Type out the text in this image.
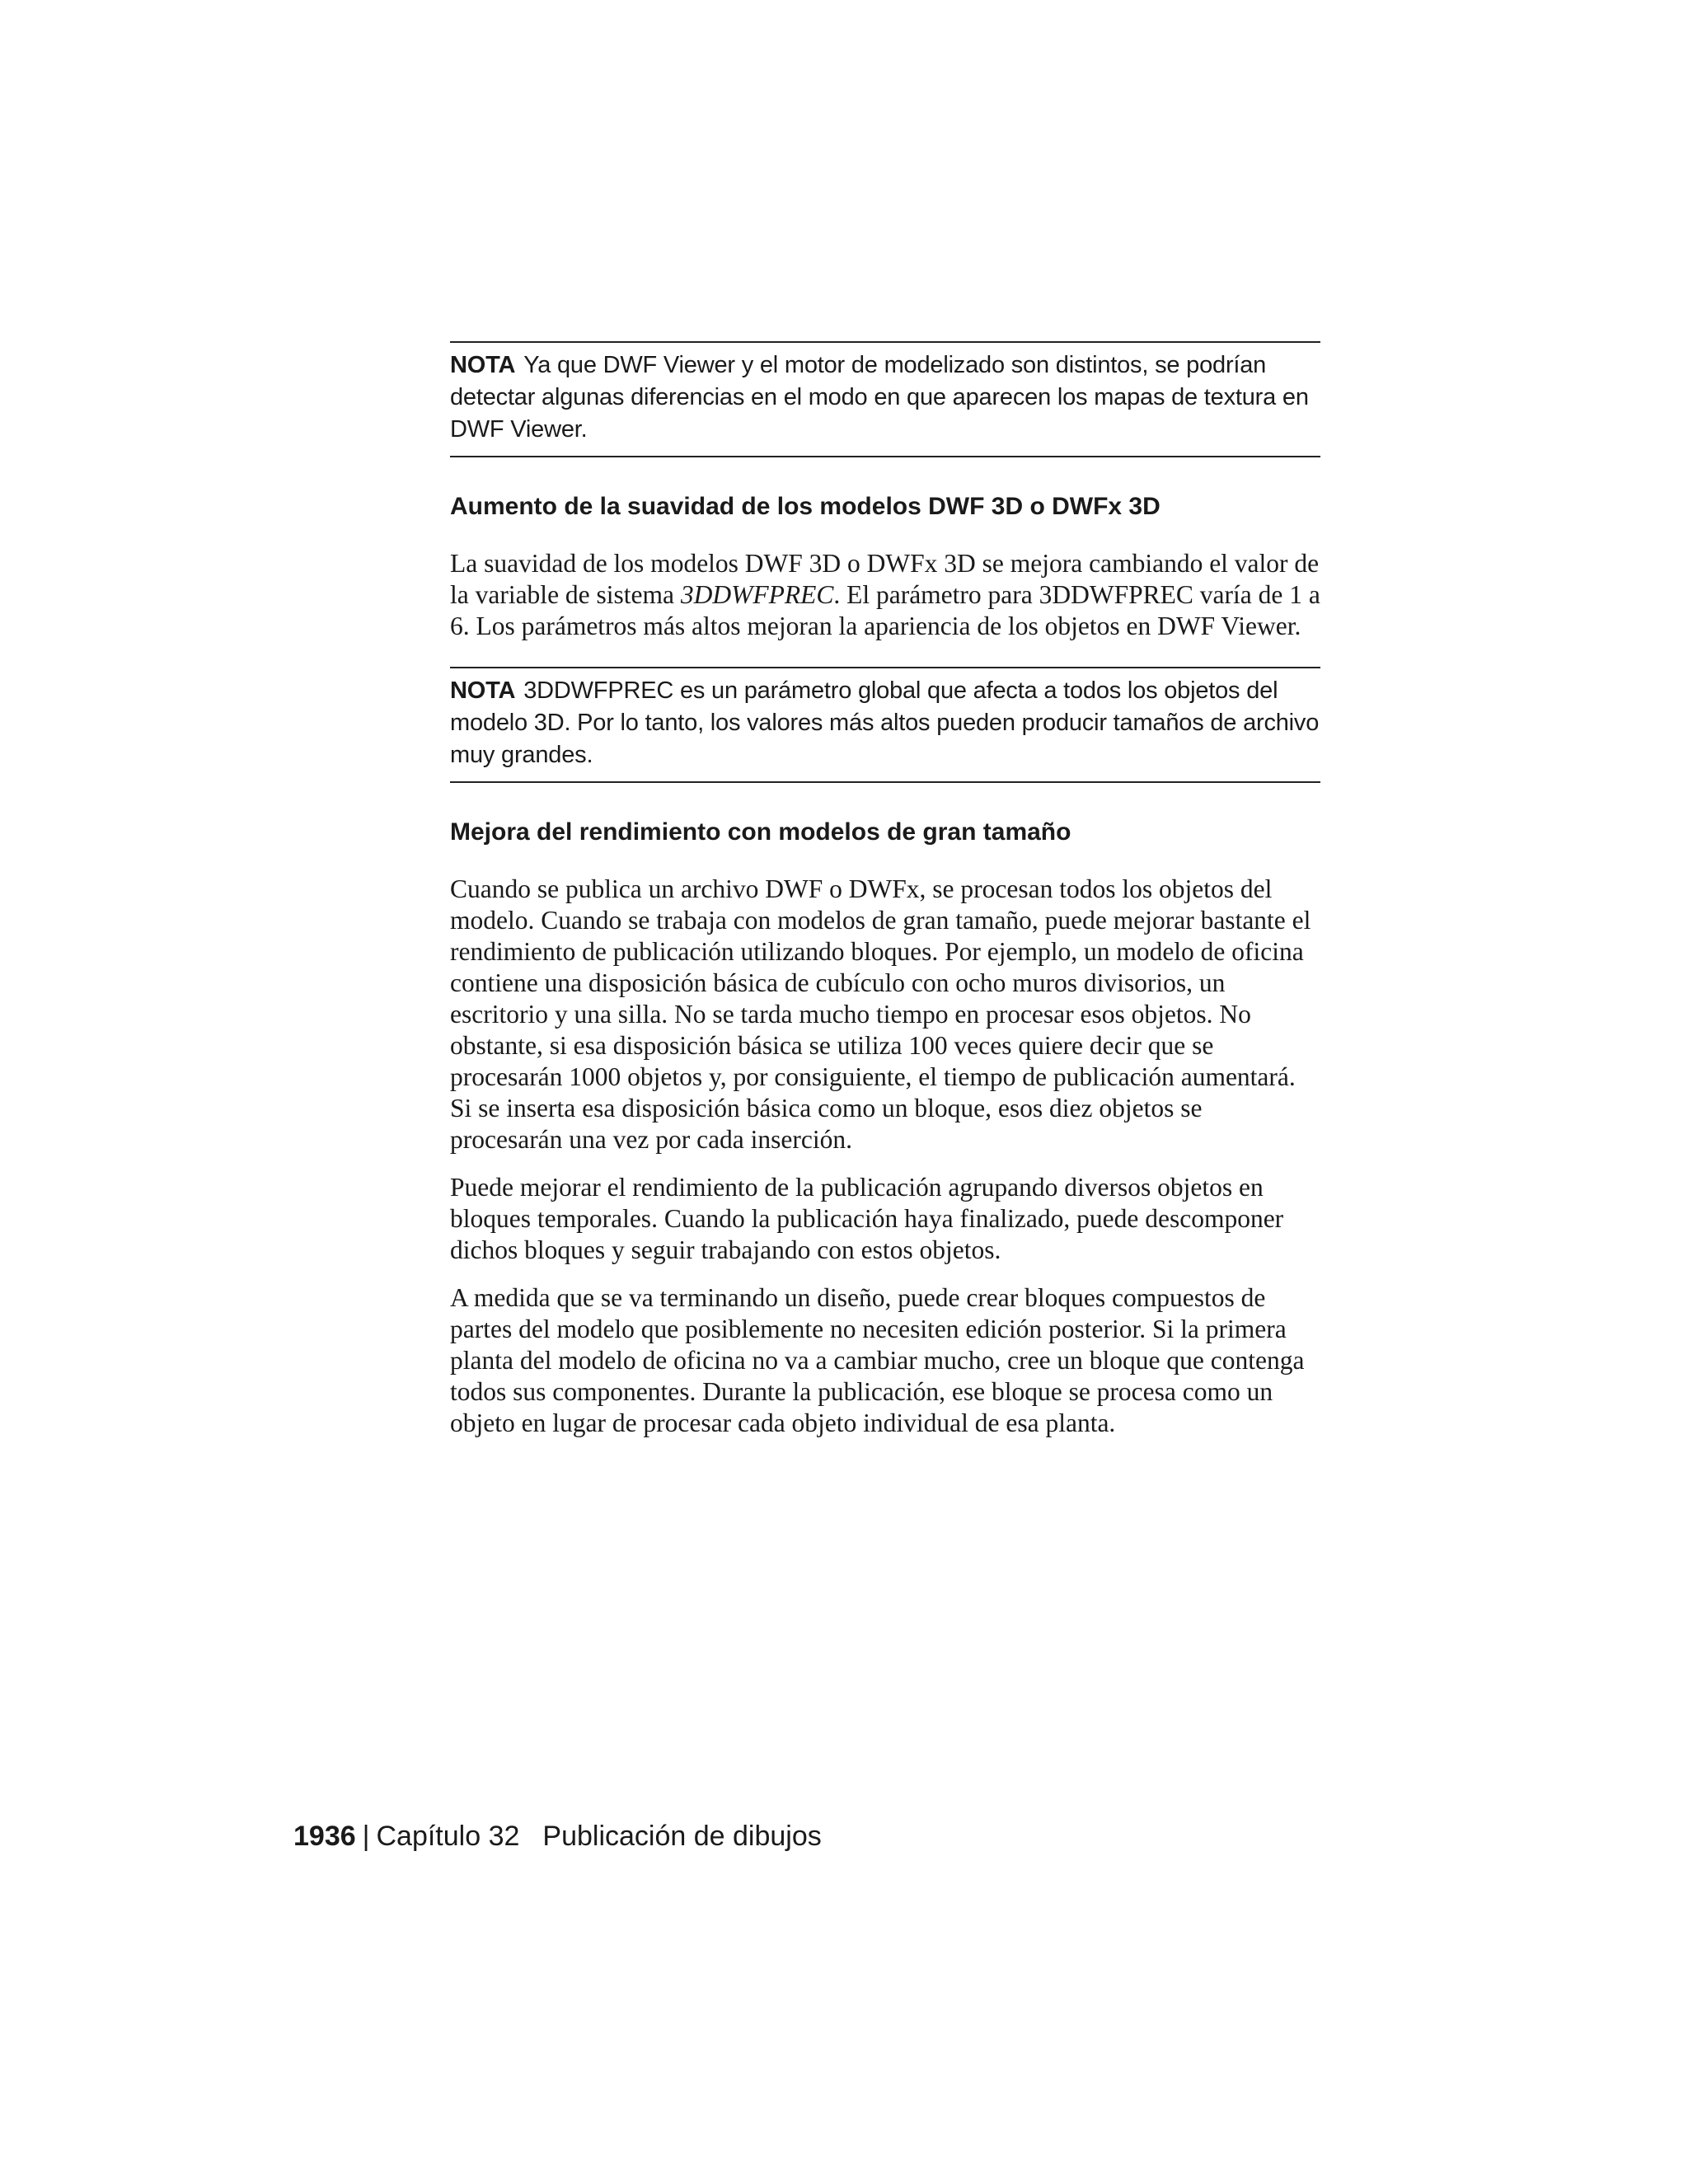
NOTA Ya que DWF Viewer y el motor de modelizado son distintos, se podrían detectar algunas diferencias en el modo en que aparecen los mapas de textura en DWF Viewer.
Aumento de la suavidad de los modelos DWF 3D o DWFx 3D

La suavidad de los modelos DWF 3D o DWFx 3D se mejora cambiando el valor de la variable de sistema 3DDWFPREC. El parámetro para 3DDWFPREC varía de 1 a 6. Los parámetros más altos mejoran la apariencia de los objetos en DWF Viewer.

NOTA 3DDWFPREC es un parámetro global que afecta a todos los objetos del modelo 3D. Por lo tanto, los valores más altos pueden producir tamaños de archivo muy grandes.
Mejora del rendimiento con modelos de gran tamaño

Cuando se publica un archivo DWF o DWFx, se procesan todos los objetos del modelo. Cuando se trabaja con modelos de gran tamaño, puede mejorar bastante el rendimiento de publicación utilizando bloques. Por ejemplo, un modelo de oficina contiene una disposición básica de cubículo con ocho muros divisorios, un escritorio y una silla. No se tarda mucho tiempo en procesar esos objetos. No obstante, si esa disposición básica se utiliza 100 veces quiere decir que se procesarán 1000 objetos y, por consiguiente, el tiempo de publicación aumentará. Si se inserta esa disposición básica como un bloque, esos diez objetos se procesarán una vez por cada inserción.

Puede mejorar el rendimiento de la publicación agrupando diversos objetos en bloques temporales. Cuando la publicación haya finalizado, puede descomponer dichos bloques y seguir trabajando con estos objetos.

A medida que se va terminando un diseño, puede crear bloques compuestos de partes del modelo que posiblemente no necesiten edición posterior. Si la primera planta del modelo de oficina no va a cambiar mucho, cree un bloque que contenga todos sus componentes. Durante la publicación, ese bloque se procesa como un objeto en lugar de procesar cada objeto individual de esa planta.

1936 | Capítulo 32 Publicación de dibujos
